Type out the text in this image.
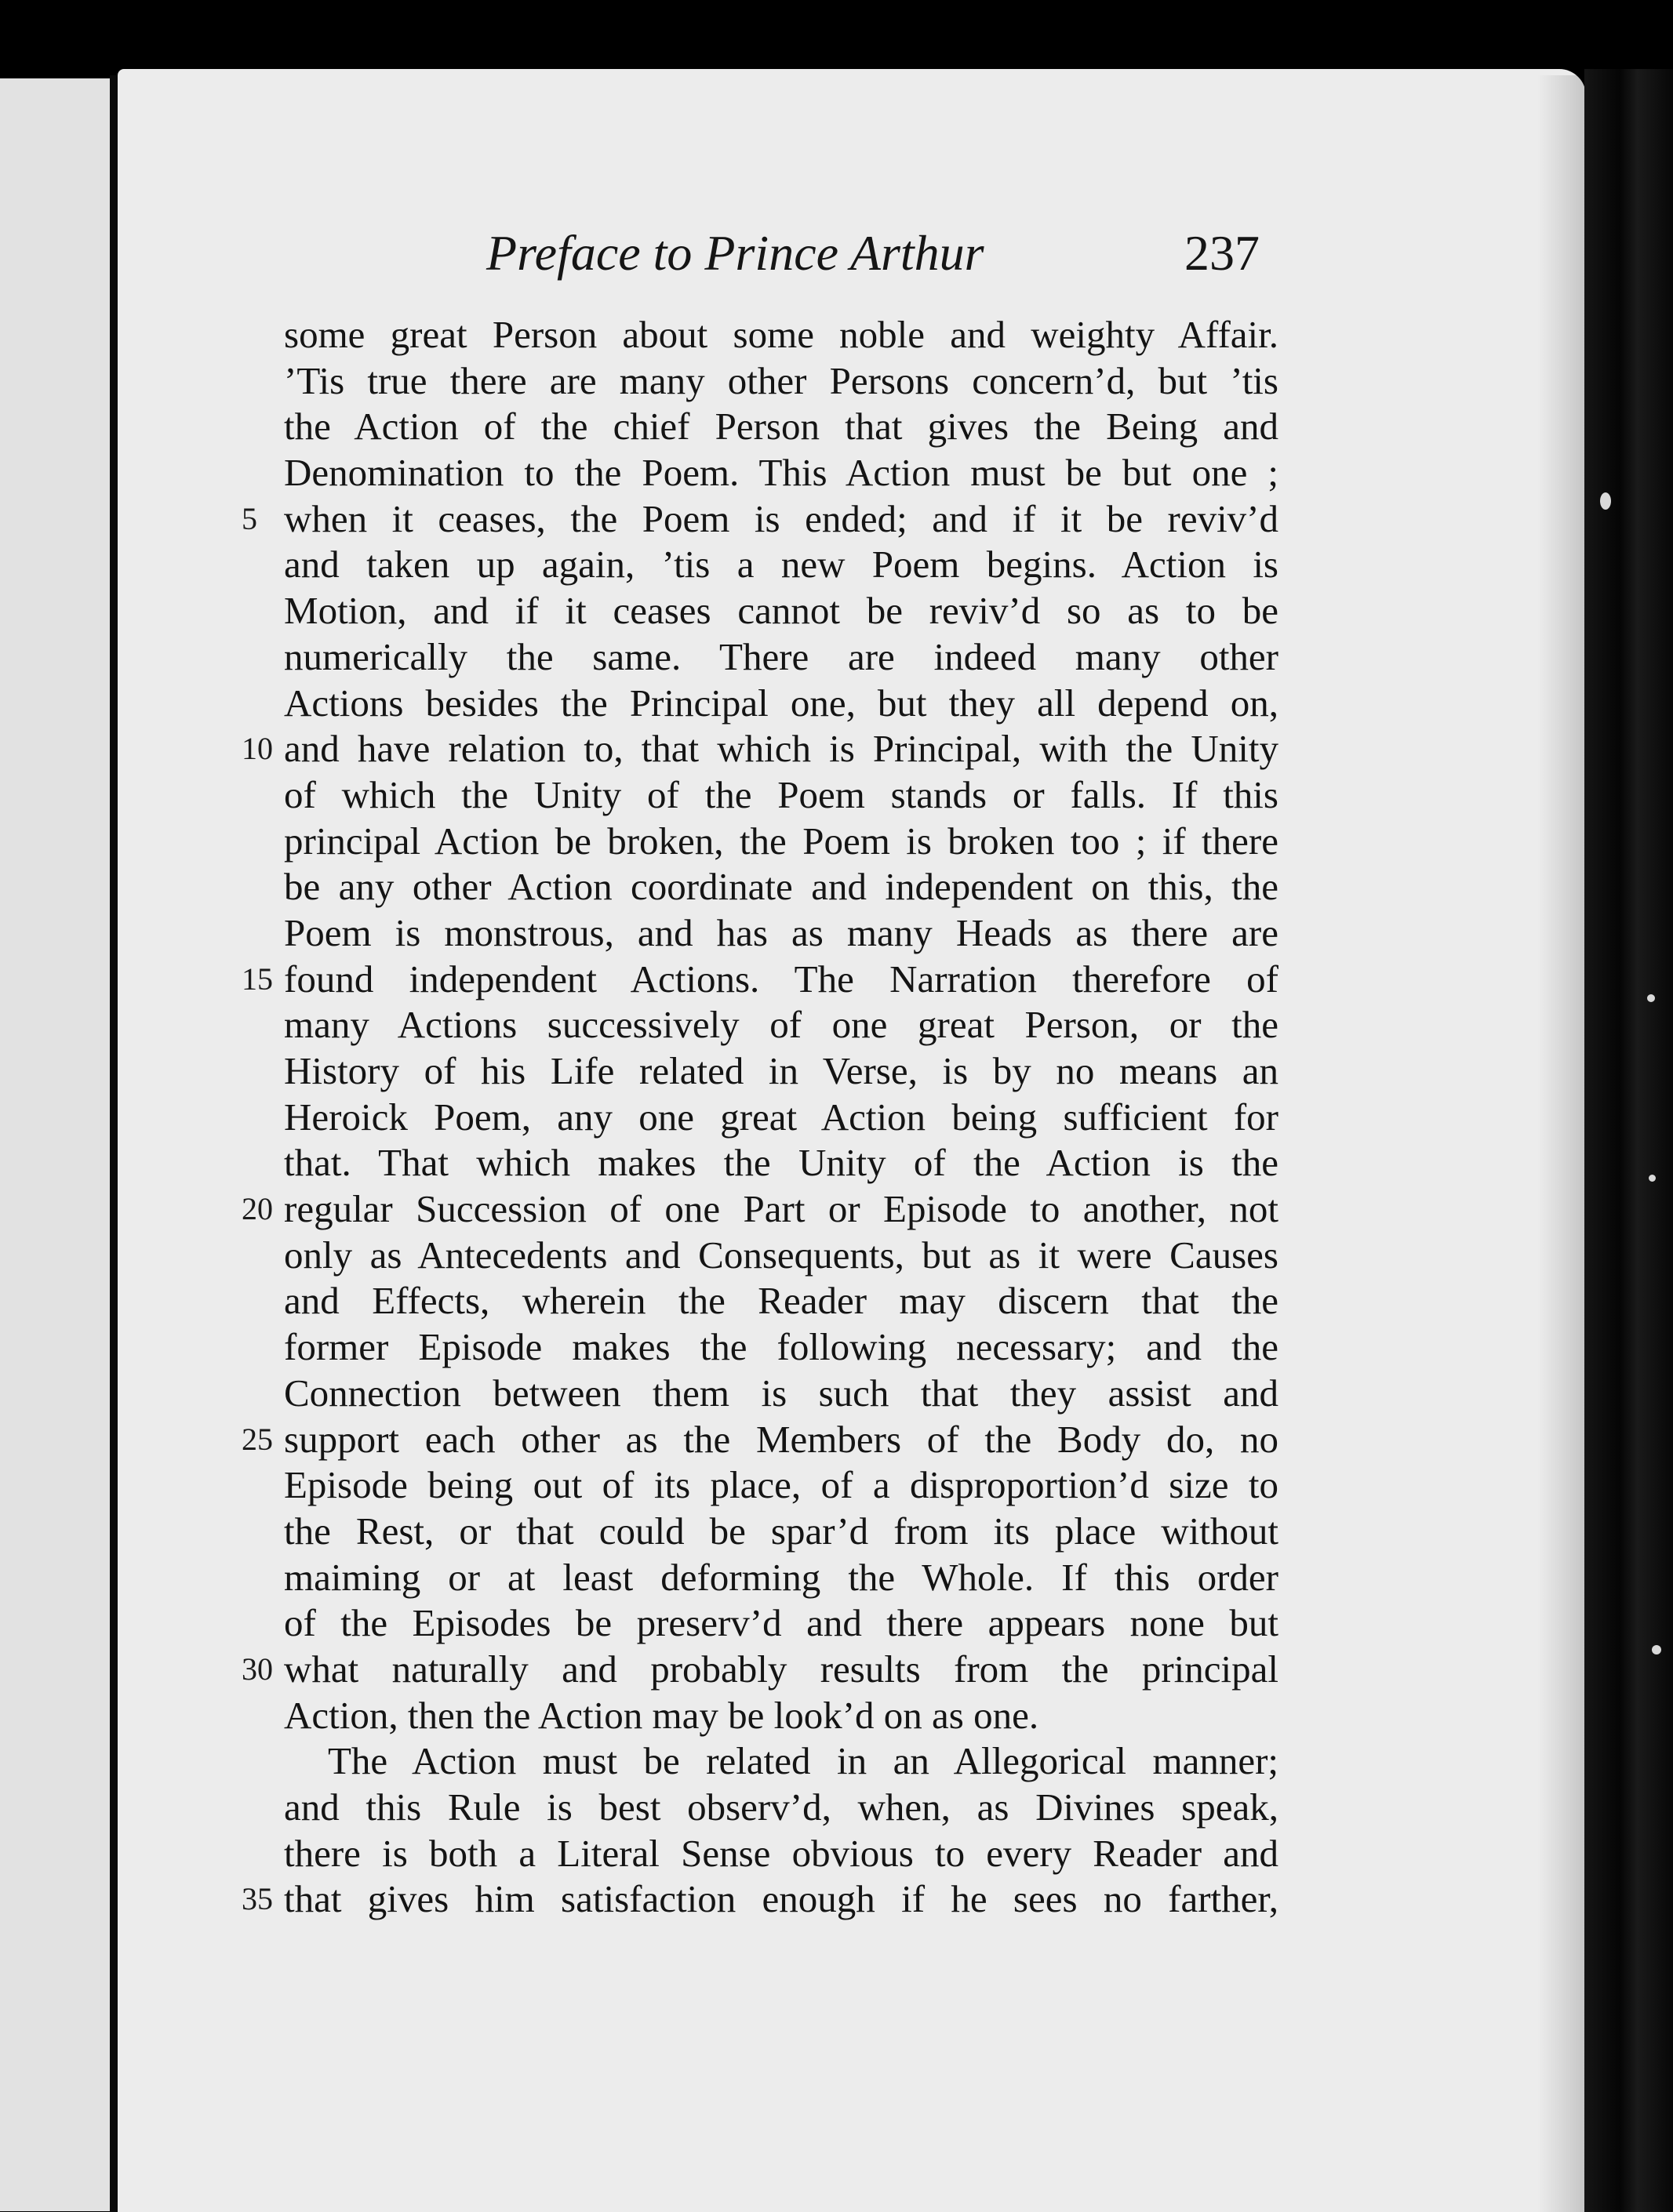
Preface to Prince Arthur	237
some great Person about some noble and weighty Affair.
’Tis true there are many other Persons concern’d, but ’tis
the Action of the chief Person that gives the Being and
Denomination to the Poem. This Action must be but one ;
5 when it ceases, the Poem is ended; and if it be reviv’d
and taken up again, ’tis a new Poem begins. Action is
Motion, and if it ceases cannot be reviv’d so as to be
numerically the same. There are indeed many other
Actions besides the Principal one, but they all depend on,
10 and have relation to, that which is Principal, with the Unity
of which the Unity of the Poem stands or falls. If this
principal Action be broken, the Poem is broken too ; if there
be any other Action coordinate and independent on this, the
Poem is monstrous, and has as many Heads as there are
15 found independent Actions. The Narration therefore of
many Actions successively of one great Person, or the
History of his Life related in Verse, is by no means an
Heroick Poem, any one great Action being sufficient for
that. That which makes the Unity of the Action is the
20 regular Succession of one Part or Episode to another, not
only as Antecedents and Consequents, but as it were Causes
and Effects, wherein the Reader may discern that the
former Episode makes the following necessary; and the
Connection between them is such that they assist and
25 support each other as the Members of the Body do, no
Episode being out of its place, of a disproportion’d size to
the Rest, or that could be spar’d from its place without
maiming or at least deforming the Whole. If this order
of the Episodes be preserv’d and there appears none but
30 what naturally and probably results from the principal
Action, then the Action may be look’d on as one.
The Action must be related in an Allegorical manner;
and this Rule is best observ’d, when, as Divines speak,
there is both a Literal Sense obvious to every Reader and
35 that gives him satisfaction enough if he sees no farther,
